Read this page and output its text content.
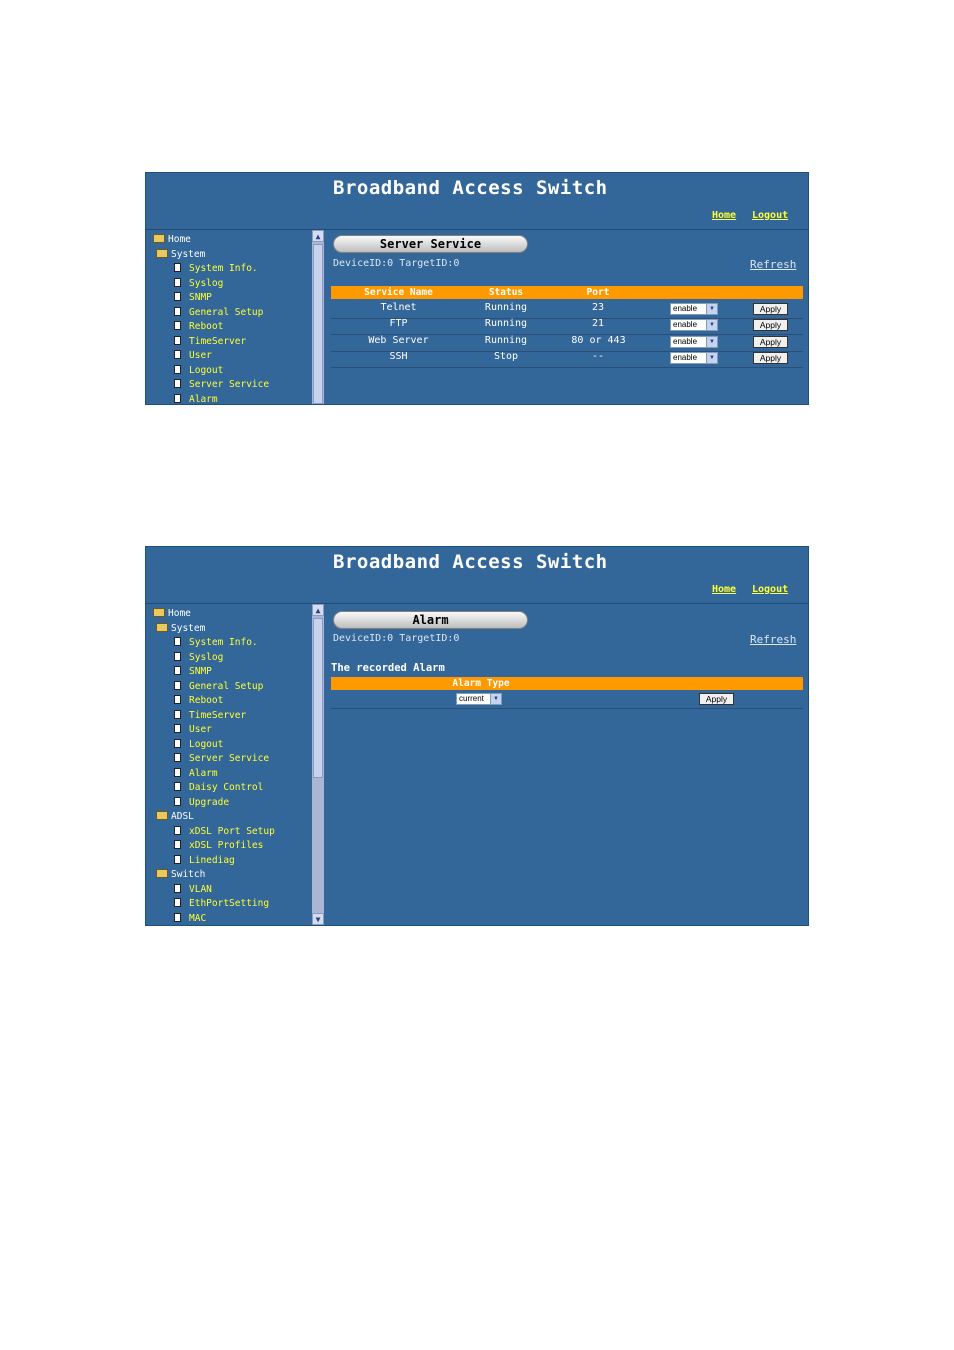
Broadband Access Switch
Home Logout
Home
System
System Info.
Syslog
SNMP
General Setup
Reboot
TimeServer
User
Logout
Server Service
Alarm
▲
Server Service
DeviceID:0 TargetID:0	Refresh
Service Name	Status	Port
Telnet	Running	23	enable	▼	Apply
FTP	Running	21	enable	▼	Apply
Web Server	Running	80 or 443	enable	▼	Apply
SSH	Stop	--	enable	▼	Apply
Broadband Access Switch
Home Logout
Home
System
System Info.
Syslog
SNMP
General Setup
Reboot
TimeServer
User
Logout
Server Service
Alarm
Daisy Control
Upgrade
ADSL
xDSL Port Setup
xDSL Profiles
Linediag
Switch
VLAN
EthPortSetting
MAC
▲
▼
Alarm
DeviceID:0 TargetID:0	Refresh
The recorded Alarm
Alarm Type
current	▼	Apply
